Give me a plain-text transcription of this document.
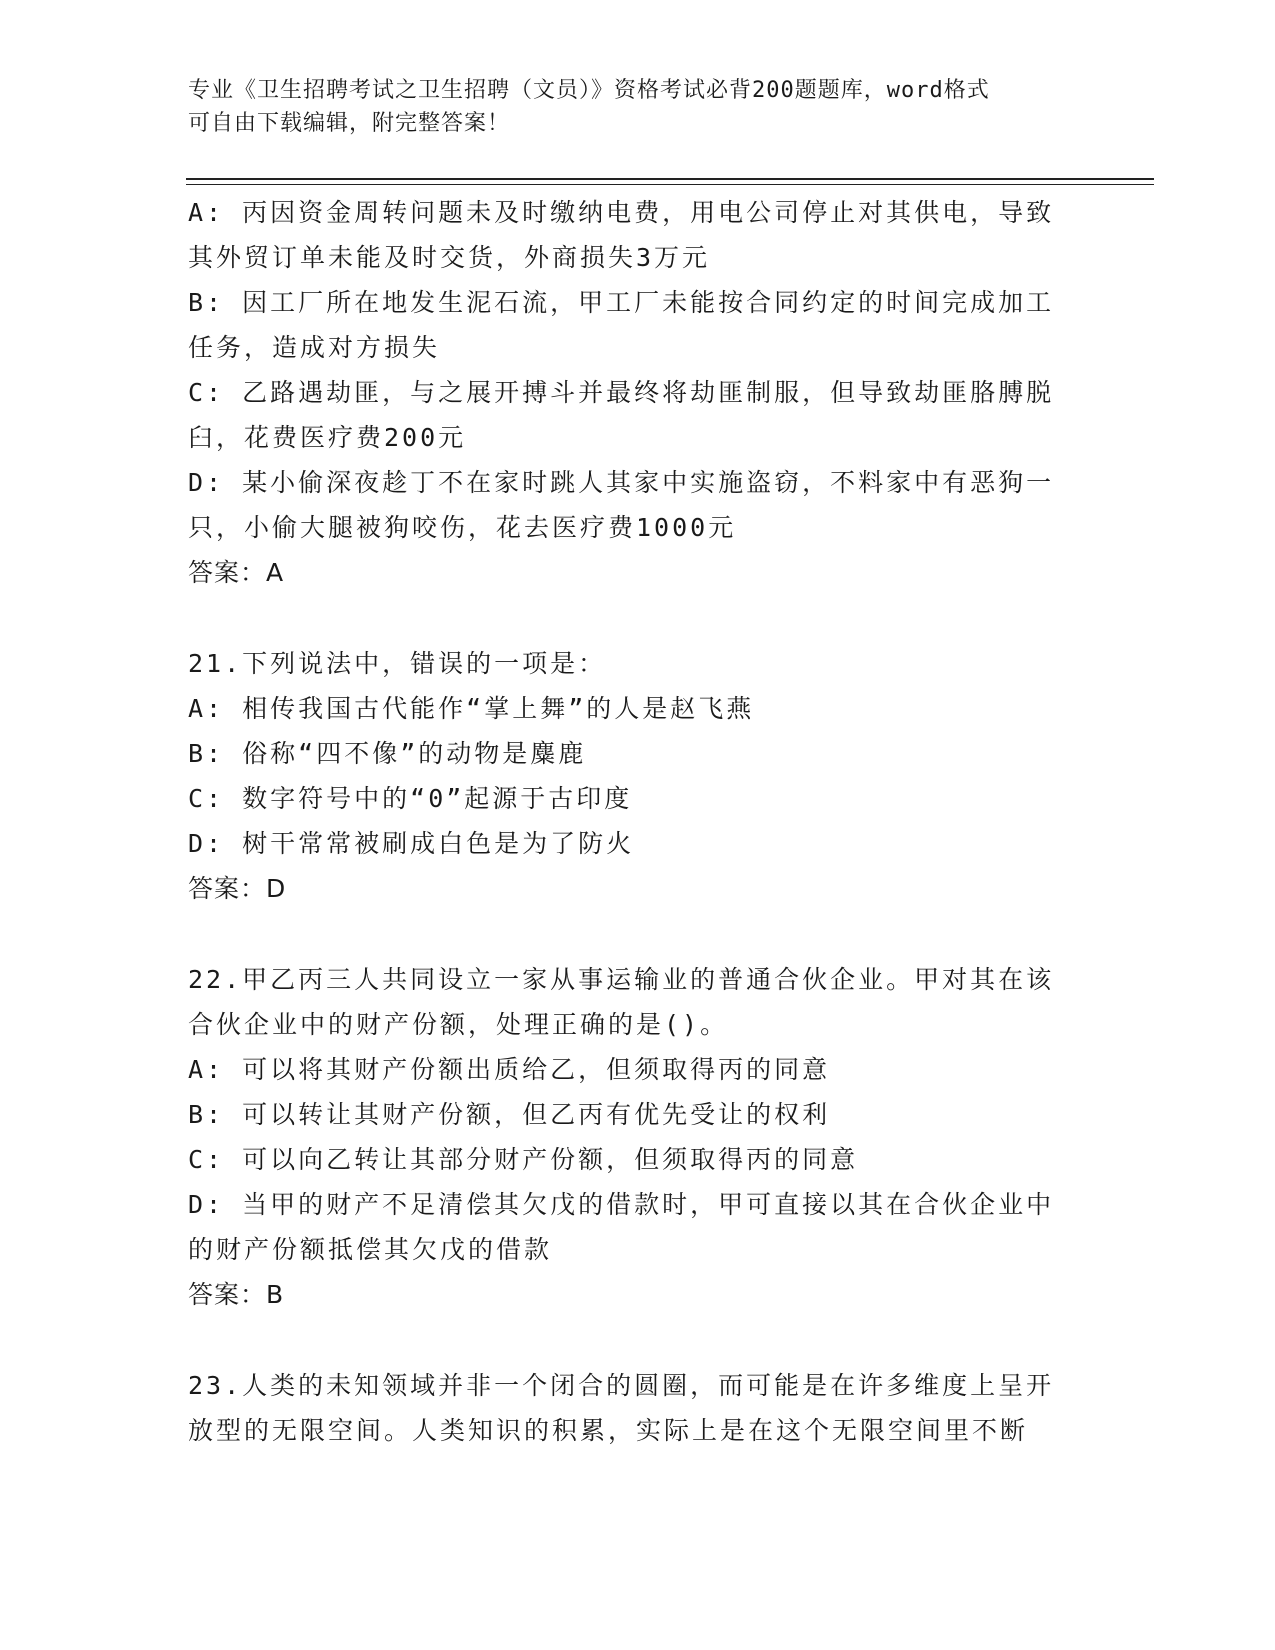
专业《卫生招聘考试之卫生招聘（文员）》资格考试必背200题题库，word格式
可自由下载编辑，附完整答案！
A: 丙因资金周转问题未及时缴纳电费，用电公司停止对其供电，导致
其外贸订单未能及时交货，外商损失3万元
B: 因工厂所在地发生泥石流，甲工厂未能按合同约定的时间完成加工
任务，造成对方损失
C: 乙路遇劫匪，与之展开搏斗并最终将劫匪制服，但导致劫匪胳膊脱
臼，花费医疗费200元
D: 某小偷深夜趁丁不在家时跳人其家中实施盗窃，不料家中有恶狗一
只，小偷大腿被狗咬伤，花去医疗费1000元
答案：A
21.下列说法中，错误的一项是：
A: 相传我国古代能作“掌上舞”的人是赵飞燕
B: 俗称“四不像”的动物是麋鹿
C: 数字符号中的“0”起源于古印度
D: 树干常常被刷成白色是为了防火
答案：D
22.甲乙丙三人共同设立一家从事运输业的普通合伙企业。甲对其在该
合伙企业中的财产份额，处理正确的是()。
A: 可以将其财产份额出质给乙，但须取得丙的同意
B: 可以转让其财产份额，但乙丙有优先受让的权利
C: 可以向乙转让其部分财产份额，但须取得丙的同意
D: 当甲的财产不足清偿其欠戊的借款时，甲可直接以其在合伙企业中
的财产份额抵偿其欠戊的借款
答案：B
23.人类的未知领域并非一个闭合的圆圈，而可能是在许多维度上呈开
放型的无限空间。人类知识的积累，实际上是在这个无限空间里不断
